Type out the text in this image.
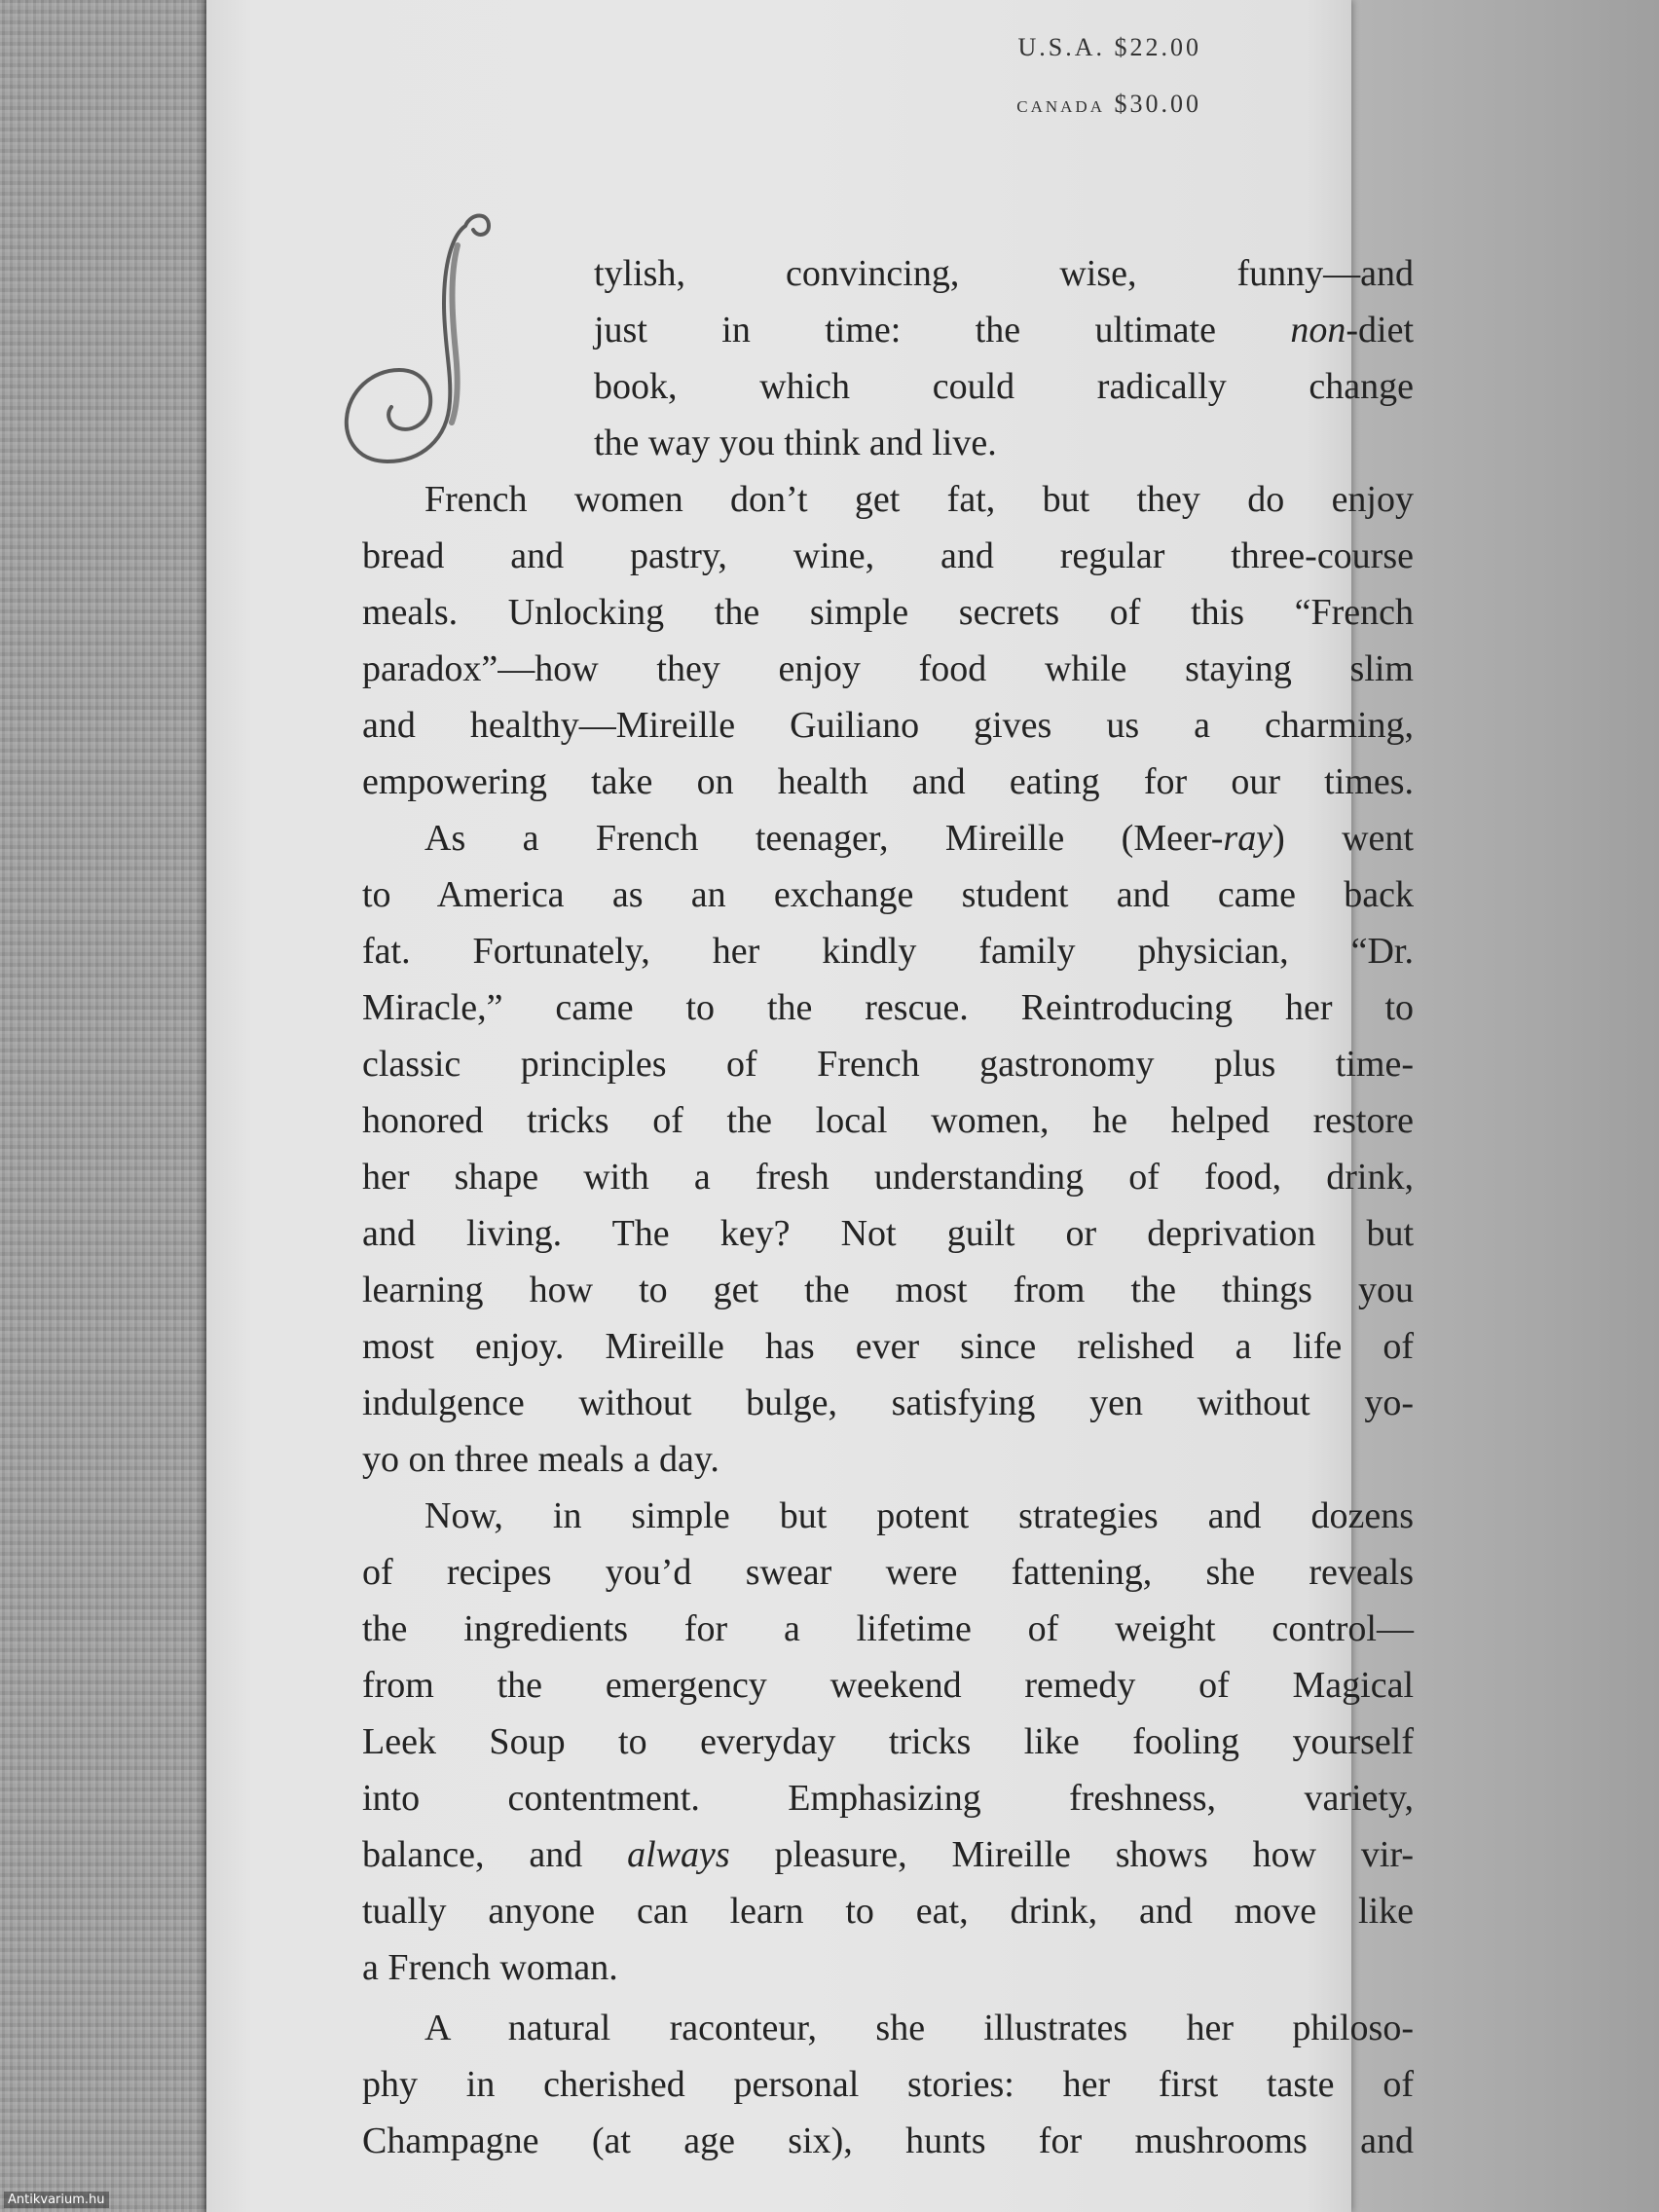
U.S.A. $22.00
CANADA $30.00
S
tylish, convincing, wise, funny—and
just in time: the ultimate non-diet
book, which could radically change
the way you think and live.
French women don’t get fat, but they do enjoy
bread and pastry, wine, and regular three-course
meals. Unlocking the simple secrets of this “French
paradox”—how they enjoy food while staying slim
and healthy—Mireille Guiliano gives us a charming,
empowering take on health and eating for our times.
As a French teenager, Mireille (Meer-ray) went
to America as an exchange student and came back
fat. Fortunately, her kindly family physician, “Dr.
Miracle,” came to the rescue. Reintroducing her to
classic principles of French gastronomy plus time-
honored tricks of the local women, he helped restore
her shape with a fresh understanding of food, drink,
and living. The key? Not guilt or deprivation but
learning how to get the most from the things you
most enjoy. Mireille has ever since relished a life of
indulgence without bulge, satisfying yen without yo-
yo on three meals a day.
Now, in simple but potent strategies and dozens
of recipes you’d swear were fattening, she reveals
the ingredients for a lifetime of weight control—
from the emergency weekend remedy of Magical
Leek Soup to everyday tricks like fooling yourself
into contentment. Emphasizing freshness, variety,
balance, and always pleasure, Mireille shows how vir-
tually anyone can learn to eat, drink, and move like
a French woman.
A natural raconteur, she illustrates her philoso-
phy in cherished personal stories: her first taste of
Champagne (at age six), hunts for mushrooms and
Antikvarium.hu
